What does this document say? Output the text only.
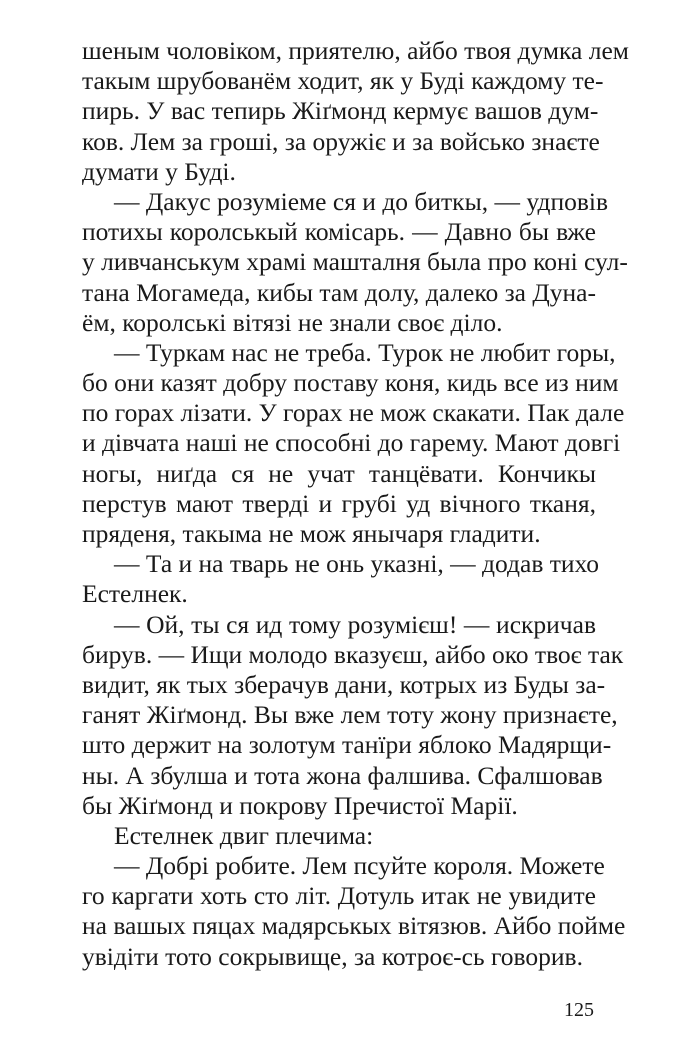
шеным чоловіком, приятелю, айбо твоя думка лем
такым шрубованём ходит, як у Буді каждому те-
пирь. У вас тепирь Жіґмонд кермує вашов дум-
ков. Лем за гроші, за оружіє и за войсько знаєте
думати у Буді.
— Дакус розуміеме ся и до биткы, — удповів
потихы королськый комісарь. — Давно бы вже
у ливчанськум храмі машталня была про коні сул-
тана Могамеда, кибы там долу, далеко за Дуна-
ём, королські вітязі не знали своє діло.
— Туркам нас не треба. Турок не любит горы,
бо они казят добру поставу коня, кидь все из ним
по горах лізати. У горах не мож скакати. Пак дале
и дівчата наші не способні до гарему. Мают довгі
ногы, ниґда ся не учат танцёвати. Кончикы
перстув мают тверді и грубі уд вічного тканя,
пряденя, такыма не мож янычаря гладити.
— Та и на тварь не онь указні, — додав тихо
Естелнек.
— Ой, ты ся ид тому розумієш! — искричав
бирув. — Ищи молодо вказуєш, айбо око твоє так
видит, як тых зберачув дани, котрых из Буды за-
ганят Жіґмонд. Вы вже лем тоту жону признаєте,
што держит на золотум танїри яблоко Мадярщи-
ны. А збулша и тота жона фалшива. Сфалшовав
бы Жіґмонд и покрову Пречистої Марії.
Естелнек двиг плечима:
— Добрі робите. Лем псуйте короля. Можете
го каргати хоть сто літ. Дотуль итак не увидите
на вашых пяцах мадярськых вітязюв. Айбо пойме
увідіти тото сокрывище, за котроє-сь говорив.
125
